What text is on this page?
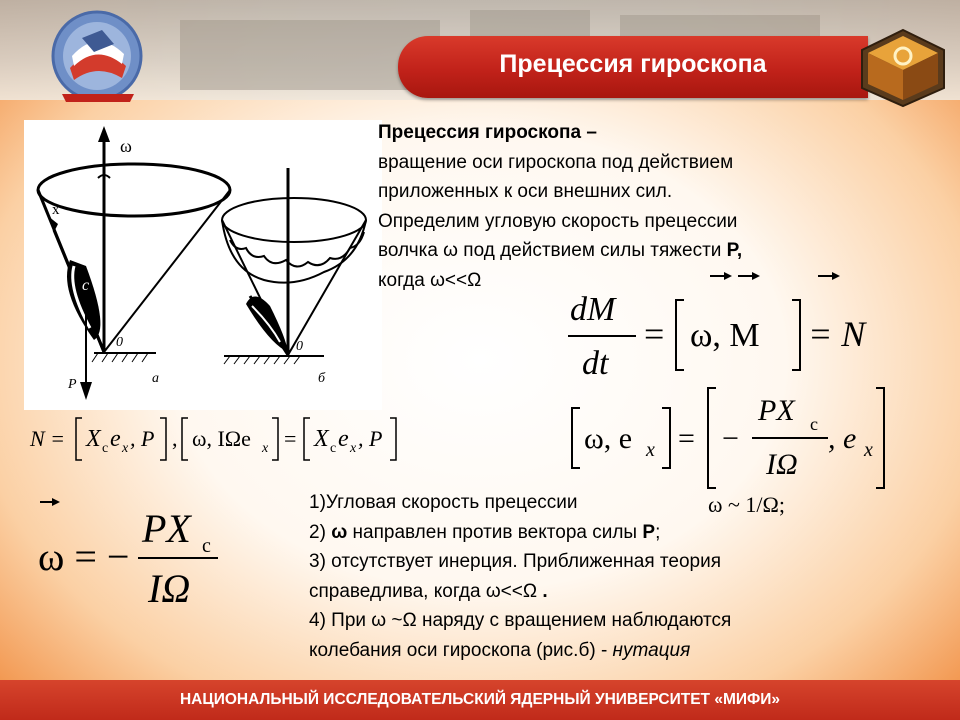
Прецессия гироскопа
ω
x
c
0
P	а
0
б
Прецессия гироскопа –
вращение оси гироскопа под действием
приложенных к оси внешних сил.
Определим угловую скорость прецессии
волчка ω под действием силы тяжести P,
когда ω<<Ω
dM
dt
= ω, M = N
ω, e x = −
PX c
IΩ
, e x
N = X c e x , P , ω, IΩe x = X c e x , P
ω = −
PX c
IΩ
ω ~ 1/Ω;
1)Угловая скорость прецессии
2) ω направлен против вектора силы P;
3) отсутствует инерция. Приближенная теория
справедлива, когда ω<<Ω .
4) При ω ~Ω наряду с вращением наблюдаются
колебания оси гироскопа (рис.б) - нутация
НАЦИОНАЛЬНЫЙ ИССЛЕДОВАТЕЛЬСКИЙ ЯДЕРНЫЙ УНИВЕРСИТЕТ «МИФИ»
